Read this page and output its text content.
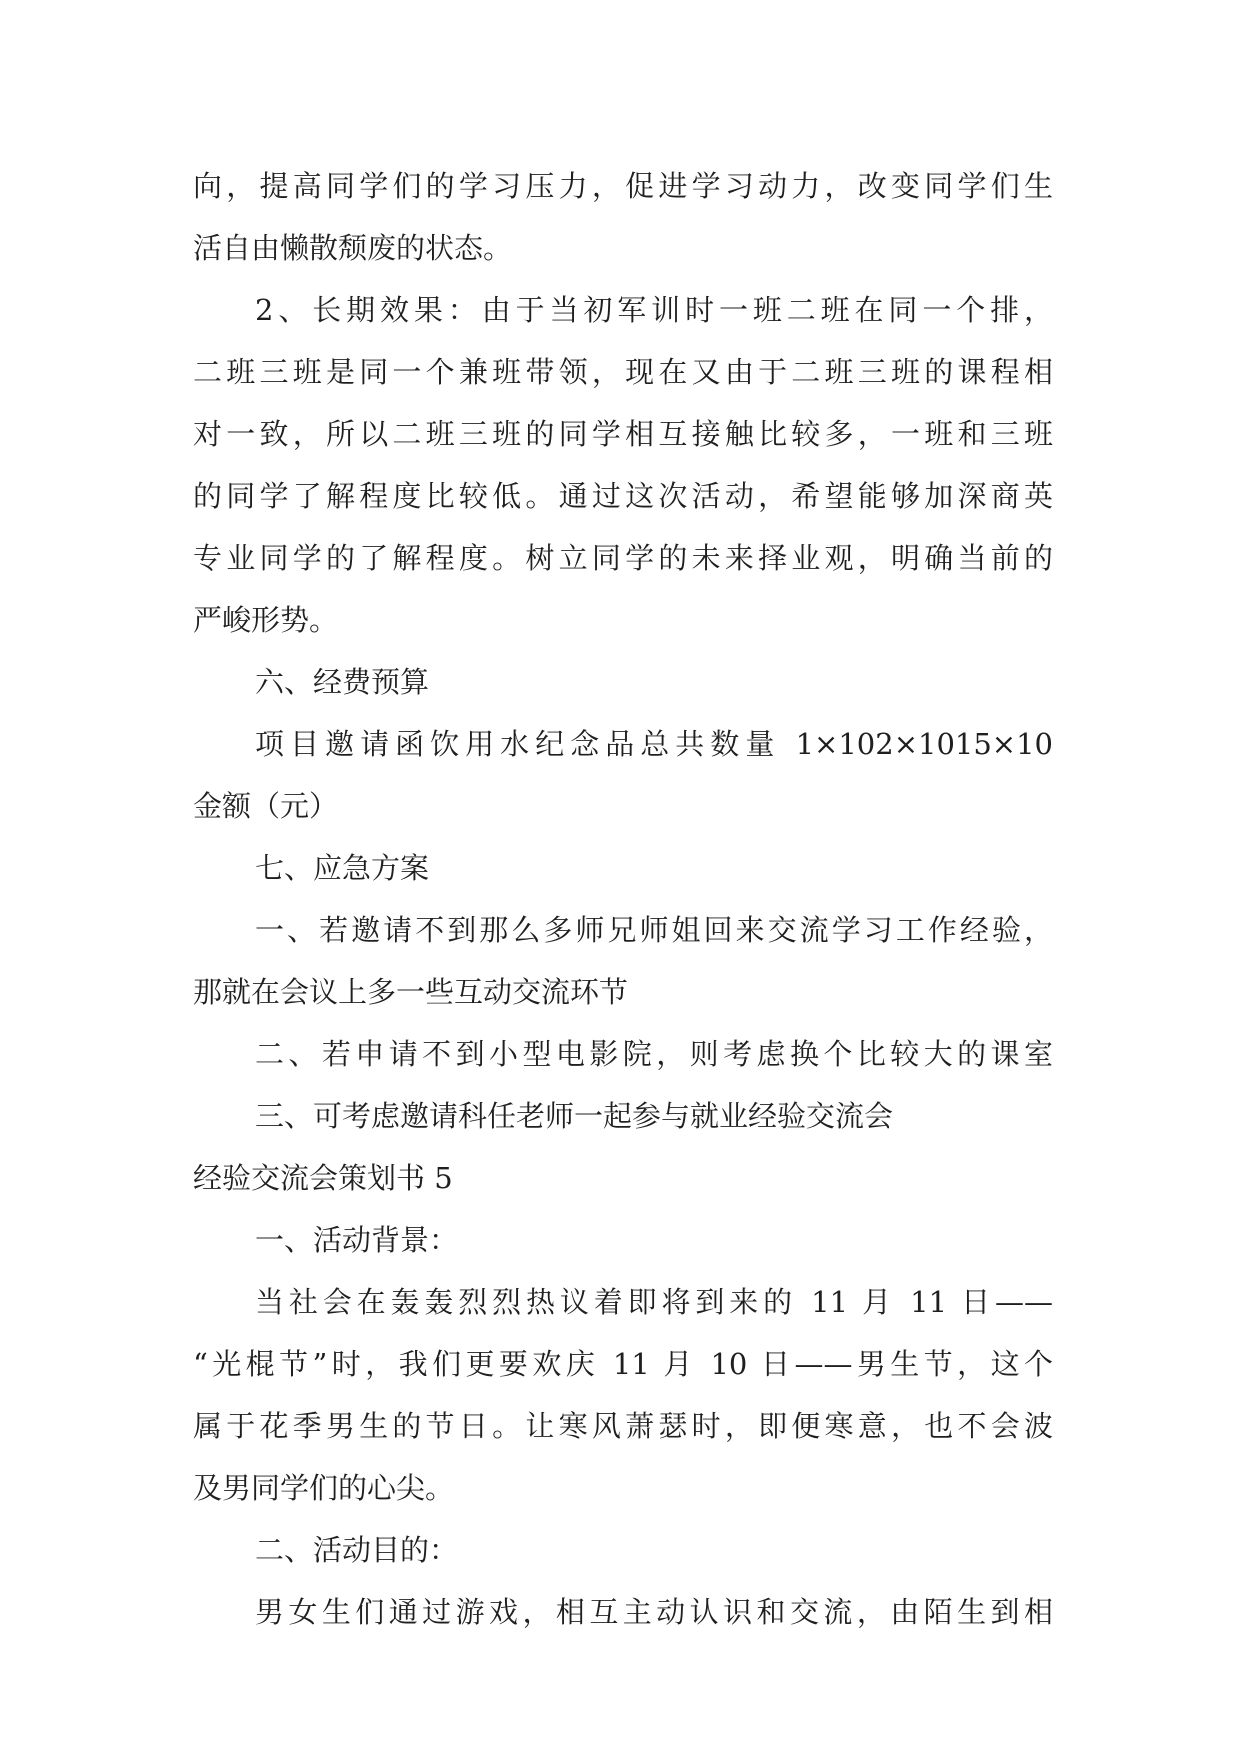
向，提高同学们的学习压力，促进学习动力，改变同学们生
活自由懒散颓废的状态。
2、长期效果：由于当初军训时一班二班在同一个排，
二班三班是同一个兼班带领，现在又由于二班三班的课程相
对一致，所以二班三班的同学相互接触比较多，一班和三班
的同学了解程度比较低。通过这次活动，希望能够加深商英
专业同学的了解程度。树立同学的未来择业观，明确当前的
严峻形势。
六、经费预算
项目邀请函饮用水纪念品总共数量 1×102×1015×10
金额（元）
七、应急方案
一、若邀请不到那么多师兄师姐回来交流学习工作经验，
那就在会议上多一些互动交流环节
二、若申请不到小型电影院，则考虑换个比较大的课室
三、可考虑邀请科任老师一起参与就业经验交流会
经验交流会策划书 5
一、活动背景：
当社会在轰轰烈烈热议着即将到来的 11 月 11 日——
“光棍节”时，我们更要欢庆 11 月 10 日——男生节，这个
属于花季男生的节日。让寒风萧瑟时，即便寒意，也不会波
及男同学们的心尖。
二、活动目的：
男女生们通过游戏，相互主动认识和交流，由陌生到相
